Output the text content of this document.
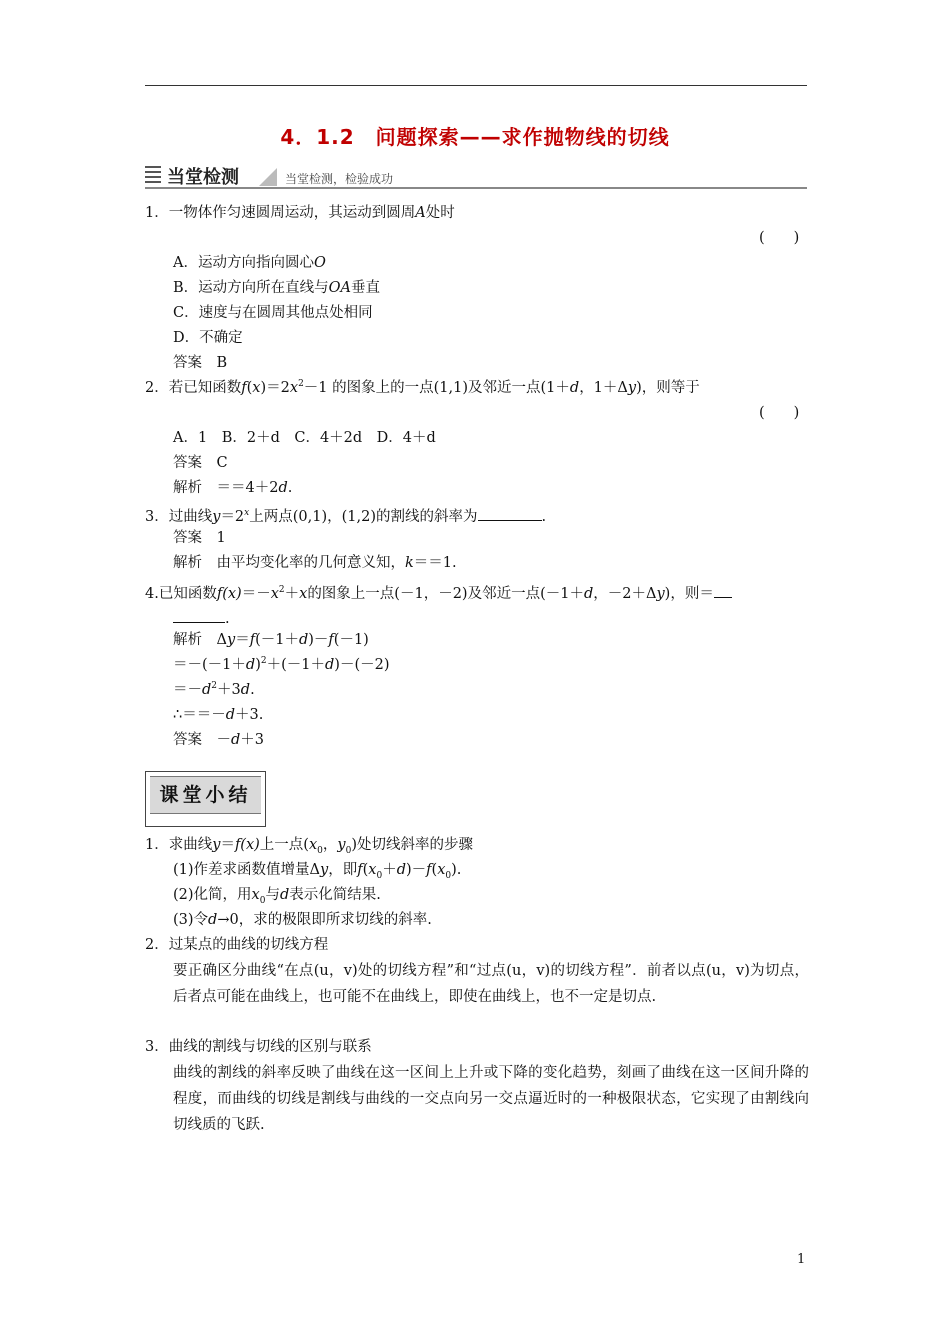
4．1.2　问题探索——求作抛物线的切线
当堂检测	当堂检测，检验成功
1．一物体作匀速圆周运动，其运动到圆周A处时
(　　)
A．运动方向指向圆心O
B．运动方向所在直线与OA垂直
C．速度与在圆周其他点处相同
D．不确定
答案　B
2．若已知函数$f(x)=2x^2-1$ 的图象上的一点(1,1)及邻近一点(1＋d，1＋Δy)，则等于
(　　)
A．1　B．2＋d　C．4＋2d　D．4＋d
答案　C
解析　＝＝4＋2d.
3．过曲线$y=2^x$上两点(0,1)，(1,2)的割线的斜率为	.
答案　1
解析　由平均变化率的几何意义知，k＝＝1.
4.已知函数$f(x)=-x^2+x$的图象上一点(－1，－2)及邻近一点(－1＋d，－2＋Δy)，则＝
.
解析　Δy＝f(－1＋d)－f(－1)
$=-(-1+d)^2+(-1+d)-(-2)$
$=-d^2+3d$.
∴＝＝－d＋3.
答案　－d＋3
课堂小结
1．求曲线y＝f(x)上一点($x_0$，$y_0$)处切线斜率的步骤
(1)作差求函数值增量Δy，即$f(x_0+d)-f(x_0)$.
(2)化简，用$x_0$与d表示化简结果.
(3)令d→0，求的极限即所求切线的斜率.
2．过某点的曲线的切线方程
要正确区分曲线“在点(u，v)处的切线方程”和“过点(u，v)的切线方程”．前者以点(u，v)为切点，后者点可能在曲线上，也可能不在曲线上，即使在曲线上，也不一定是切点.
3．曲线的割线与切线的区别与联系
曲线的割线的斜率反映了曲线在这一区间上上升或下降的变化趋势，刻画了曲线在这一区间升降的程度，而曲线的切线是割线与曲线的一交点向另一交点逼近时的一种极限状态，它实现了由割线向切线质的飞跃.
1
